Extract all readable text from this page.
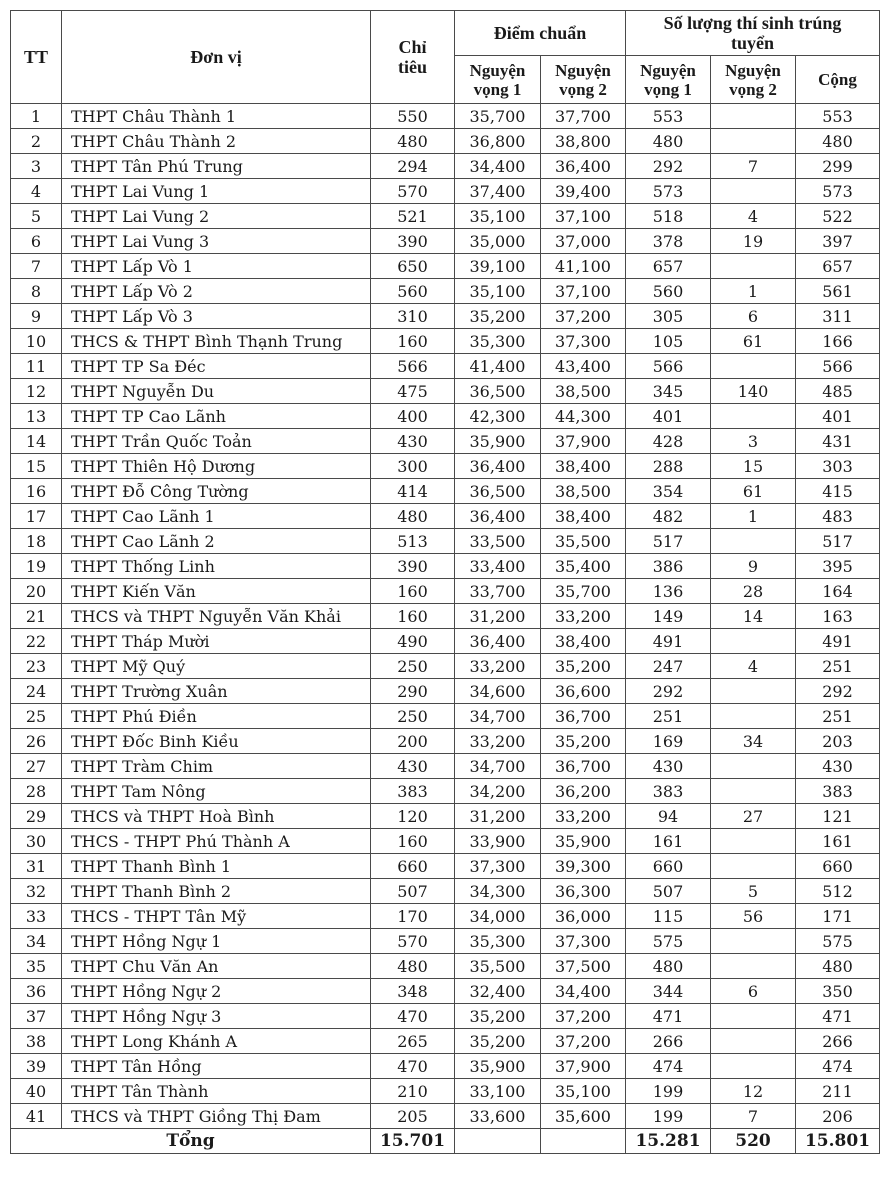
TT	Đơn vị	Chỉ tiêu	Điểm chuẩn		Số lượng thí sinh trúng tuyển		
			Nguyện vọng 1	Nguyện vọng 2	Nguyện vọng 1	Nguyện vọng 2	Cộng
1	THPT Châu Thành 1	550	35,700	37,700	553		553
2	THPT Châu Thành 2	480	36,800	38,800	480		480
3	THPT Tân Phú Trung	294	34,400	36,400	292	7	299
4	THPT Lai Vung 1	570	37,400	39,400	573		573
5	THPT Lai Vung 2	521	35,100	37,100	518	4	522
6	THPT Lai Vung 3	390	35,000	37,000	378	19	397
7	THPT Lấp Vò 1	650	39,100	41,100	657		657
8	THPT Lấp Vò 2	560	35,100	37,100	560	1	561
9	THPT Lấp Vò 3	310	35,200	37,200	305	6	311
10	THCS & THPT Bình Thạnh Trung	160	35,300	37,300	105	61	166
11	THPT TP Sa Đéc	566	41,400	43,400	566		566
12	THPT Nguyễn Du	475	36,500	38,500	345	140	485
13	THPT TP Cao Lãnh	400	42,300	44,300	401		401
14	THPT Trần Quốc Toản	430	35,900	37,900	428	3	431
15	THPT Thiên Hộ Dương	300	36,400	38,400	288	15	303
16	THPT Đỗ Công Tường	414	36,500	38,500	354	61	415
17	THPT Cao Lãnh 1	480	36,400	38,400	482	1	483
18	THPT Cao Lãnh 2	513	33,500	35,500	517		517
19	THPT Thống Linh	390	33,400	35,400	386	9	395
20	THPT Kiến Văn	160	33,700	35,700	136	28	164
21	THCS và THPT Nguyễn Văn Khải	160	31,200	33,200	149	14	163
22	THPT Tháp Mười	490	36,400	38,400	491		491
23	THPT Mỹ Quý	250	33,200	35,200	247	4	251
24	THPT Trường Xuân	290	34,600	36,600	292		292
25	THPT Phú Điền	250	34,700	36,700	251		251
26	THPT Đốc Binh Kiều	200	33,200	35,200	169	34	203
27	THPT Tràm Chim	430	34,700	36,700	430		430
28	THPT Tam Nông	383	34,200	36,200	383		383
29	THCS và THPT Hoà Bình	120	31,200	33,200	94	27	121
30	THCS - THPT Phú Thành A	160	33,900	35,900	161		161
31	THPT Thanh Bình 1	660	37,300	39,300	660		660
32	THPT Thanh Bình 2	507	34,300	36,300	507	5	512
33	THCS - THPT Tân Mỹ	170	34,000	36,000	115	56	171
34	THPT Hồng Ngự 1	570	35,300	37,300	575		575
35	THPT Chu Văn An	480	35,500	37,500	480		480
36	THPT Hồng Ngự 2	348	32,400	34,400	344	6	350
37	THPT Hồng Ngự 3	470	35,200	37,200	471		471
38	THPT Long Khánh A	265	35,200	37,200	266		266
39	THPT Tân Hồng	470	35,900	37,900	474		474
40	THPT Tân Thành	210	33,100	35,100	199	12	211
41	THCS và THPT Giồng Thị Đam	205	33,600	35,600	199	7	206
Tổng		15.701			15.281	520	15.801
